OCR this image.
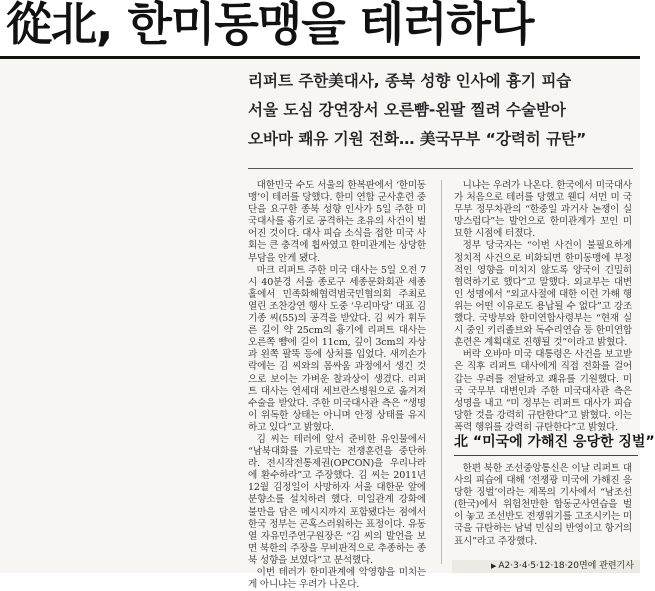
從北, 한미동맹을 테러하다

리퍼트 주한美대사, 종북 성향 인사에 흉기 피습

서울 도심 강연장서 오른뺨-왼팔 찔려 수술받아

오바마 쾌유 기원 전화… 美국무부 “강력히 규탄”

대한민국 수도 서울의 한복판에서 ‘한미동맹’이 테러를 당했다. 한미 연합 군사훈련 중단을 요구한 종북 성향 인사가 5일 주한 미국대사를 흉기로 공격하는 초유의 사건이 벌어진 것이다. 대사 피습 소식을 접한 미국 사회는 큰 충격에 휩싸였고 한미관계는 상당한 부담을 안게 됐다.

마크 리퍼트 주한 미국 대사는 5일 오전 7시 40분경 서울 종로구 세종문화회관 세종홀에서 민족화해협력범국민협의회 주최로 열린 조찬강연 행사 도중 ‘우리마당’ 대표 김기종 씨(55)의 공격을 받았다. 김 씨가 휘두른 길이 약 25cm의 흉기에 리퍼트 대사는 오른쪽 뺨에 길이 11cm, 깊이 3cm의 자상과 왼쪽 팔뚝 등에 상처를 입었다. 새끼손가락에는 김 씨와의 몸싸움 과정에서 생긴 것으로 보이는 가벼운 찰과상이 생겼다. 리퍼트 대사는 연세대 세브란스병원으로 옮겨져 수술을 받았다. 주한 미국대사관 측은 “생명이 위독한 상태는 아니며 안정 상태를 유지하고 있다”고 밝혔다.

김 씨는 테러에 앞서 준비한 유인물에서 “남북대화를 가로막는 전쟁훈련을 중단하라. 전시작전통제권(OPCON)을 우리나라에 환수하라”고 주장했다. 김 씨는 2011년 12월 김정일이 사망하자 서울 대한문 앞에 분향소를 설치하려 했다. 미일관계 강화에 불만을 담은 메시지까지 포함됐다는 점에서 한국 정부는 곤혹스러워하는 표정이다. 유동열 자유민주연구원장은 “김 씨의 발언을 보면 북한의 주장을 무비판적으로 추종하는 종북 성향을 보였다”고 분석했다.

이번 테러가 한미관계에 악영향을 미치는 게 아니냐는 우려가 나온다.

니냐는 우려가 나온다. 한국에서 미국대사가 처음으로 테러를 당했고 웬디 셔먼 미 국무부 정무차관의 “한중일 과거사 논쟁이 실망스럽다”는 발언으로 한미관계가 꼬인 미묘한 시점에 터졌다.

정부 당국자는 “이번 사건이 불필요하게 정치적 사건으로 비화되면 한미동맹에 부정적인 영향을 미치지 않도록 양국이 긴밀히 협력하기로 했다”고 말했다. 외교부는 대변인 성명에서 “외교사절에 대한 이런 가해 행위는 어떤 이유로도 용납될 수 없다”고 강조했다. 국방부와 한미연합사령부는 “현재 실시 중인 키리졸브와 독수리연습 등 한미연합 훈련은 계획대로 진행될 것”이라고 밝혔다.

버락 오바마 미국 대통령은 사건을 보고받은 직후 리퍼트 대사에게 직접 전화를 걸어 갑는 우려를 전달하고 쾌유를 기원했다. 미국 국무부 대변인과 주한 미국대사관 측은 성명을 내고 “미 정부는 리퍼트 대사가 피습당한 것을 강력히 규탄한다”고 밝혔다. 이는 폭력 행위를 강력히 규탄한다”고 밝혔다.

北 “미국에 가해진 응당한 징벌”

한편 북한 조선중앙통신은 이날 리퍼트 대사의 피습에 대해 ‘전쟁광 미국에 가해진 응당한 징벌’이라는 제목의 기사에서 “남조선(한국)에서 위험천만한 합동군사연습을 벌이 놓고 조선반도 전쟁위기를 고조시키는 미국을 규탄하는 남녘 민심의 반영이고 항거의 표시”라고 주장했다.

▶ A2·3·4·5·12·18·20면에 관련기사
